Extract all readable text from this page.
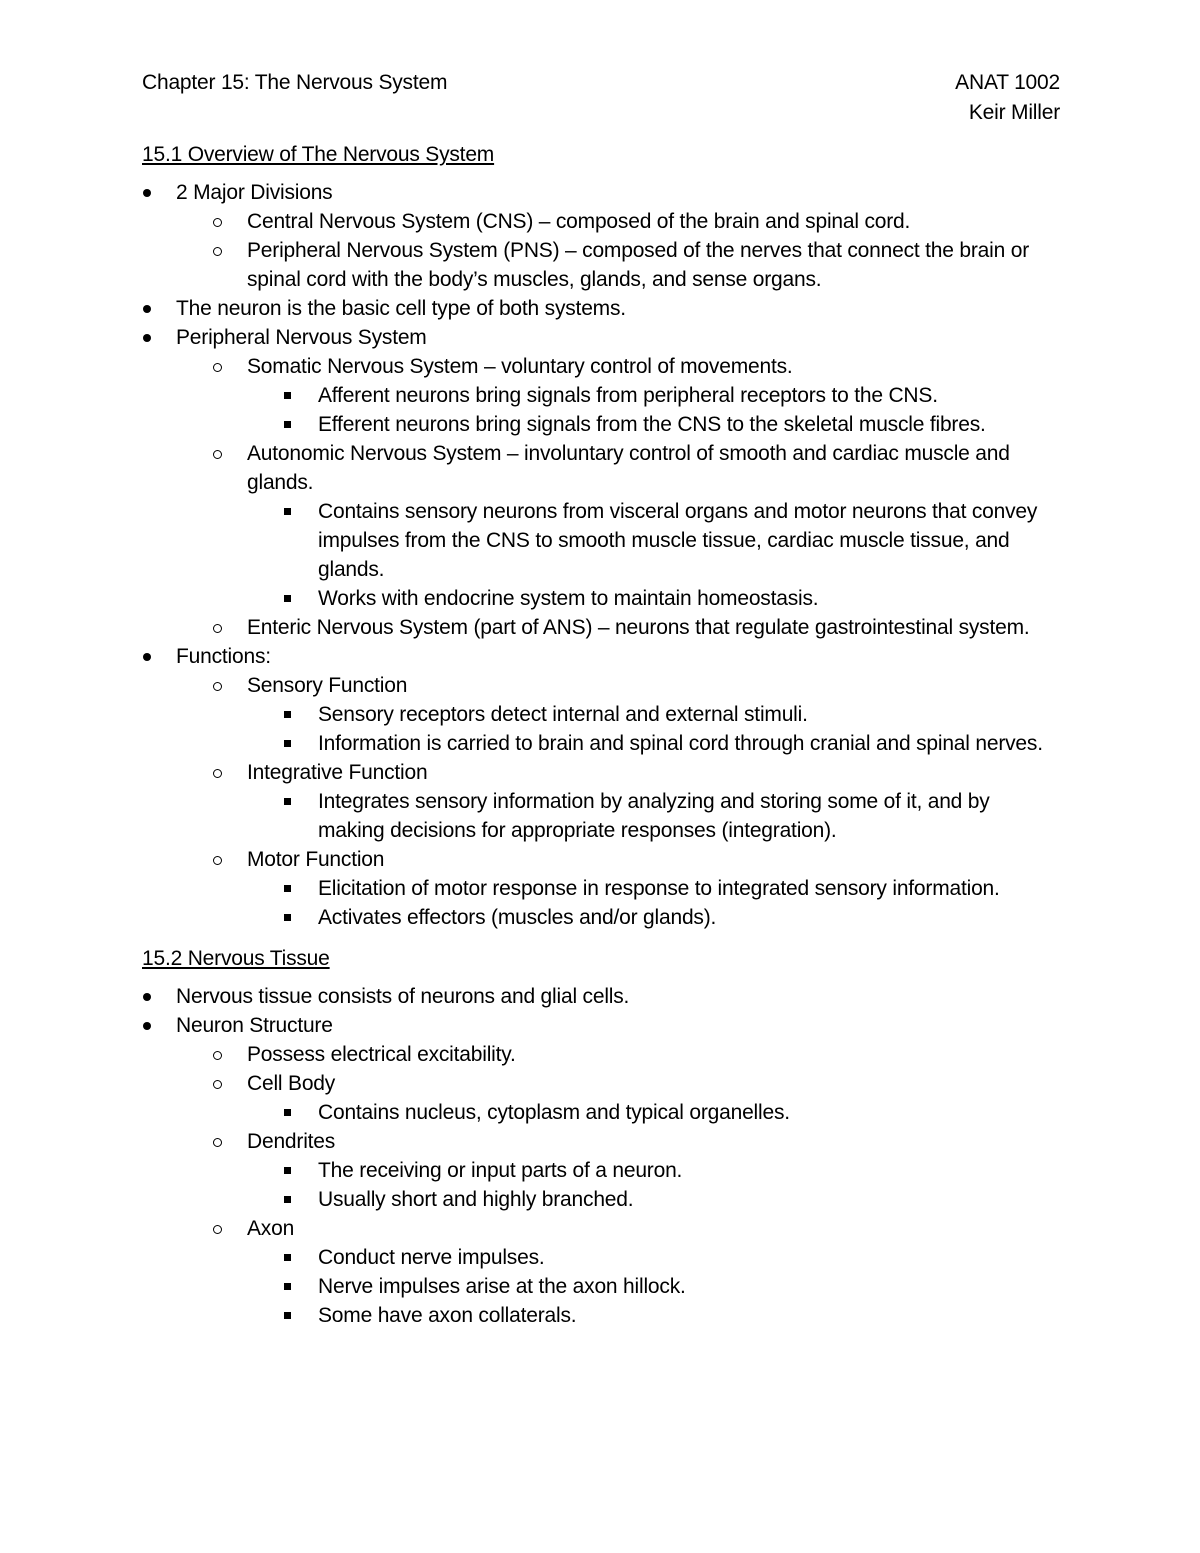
Chapter 15: The Nervous System	ANAT 1002
Keir Miller
15.1 Overview of The Nervous System
2 Major Divisions
Central Nervous System (CNS) – composed of the brain and spinal cord.
Peripheral Nervous System (PNS) – composed of the nerves that connect the brain or spinal cord with the body’s muscles, glands, and sense organs.
The neuron is the basic cell type of both systems.
Peripheral Nervous System
Somatic Nervous System – voluntary control of movements.
Afferent neurons bring signals from peripheral receptors to the CNS.
Efferent neurons bring signals from the CNS to the skeletal muscle fibres.
Autonomic Nervous System – involuntary control of smooth and cardiac muscle and glands.
Contains sensory neurons from visceral organs and motor neurons that convey impulses from the CNS to smooth muscle tissue, cardiac muscle tissue, and glands.
Works with endocrine system to maintain homeostasis.
Enteric Nervous System (part of ANS) – neurons that regulate gastrointestinal system.
Functions:
Sensory Function
Sensory receptors detect internal and external stimuli.
Information is carried to brain and spinal cord through cranial and spinal nerves.
Integrative Function
Integrates sensory information by analyzing and storing some of it, and by making decisions for appropriate responses (integration).
Motor Function
Elicitation of motor response in response to integrated sensory information.
Activates effectors (muscles and/or glands).
15.2 Nervous Tissue
Nervous tissue consists of neurons and glial cells.
Neuron Structure
Possess electrical excitability.
Cell Body
Contains nucleus, cytoplasm and typical organelles.
Dendrites
The receiving or input parts of a neuron.
Usually short and highly branched.
Axon
Conduct nerve impulses.
Nerve impulses arise at the axon hillock.
Some have axon collaterals.
